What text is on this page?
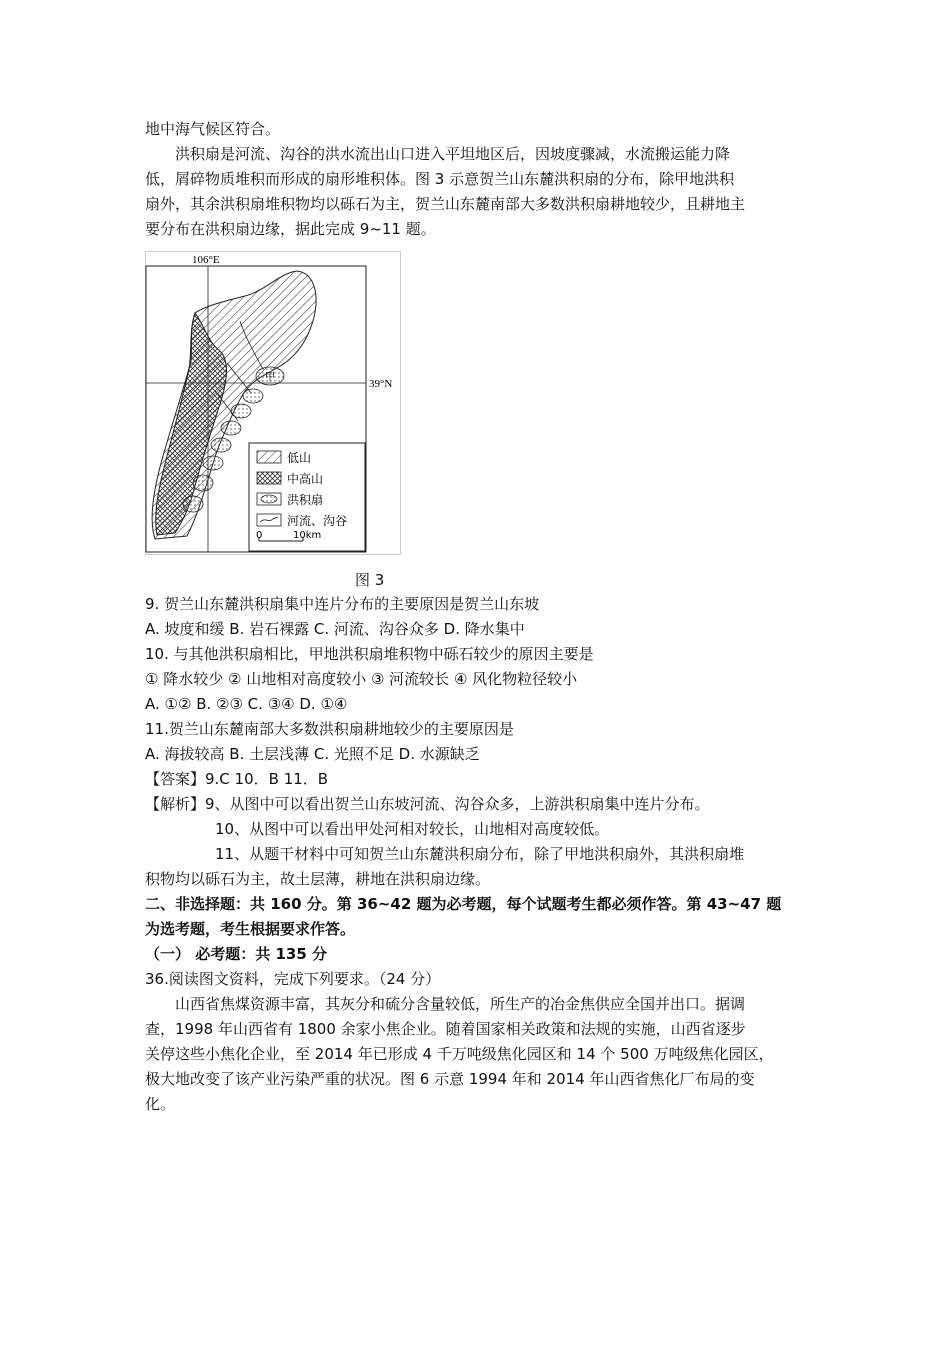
地中海气候区符合。
洪积扇是河流、沟谷的洪水流出山口进入平坦地区后，因坡度骤减，水流搬运能力降
低，屑碎物质堆积而形成的扇形堆积体。图 3 示意贺兰山东麓洪积扇的分布，除甲地洪积
扇外，其余洪积扇堆积物均以砾石为主，贺兰山东麓南部大多数洪积扇耕地较少，且耕地主
要分布在洪积扇边缘，据此完成 9~11 题。
106°E
39°N
甲
低山
中高山
洪积扇
河流、沟谷
0	10km
图 3
9. 贺兰山东麓洪积扇集中连片分布的主要原因是贺兰山东坡
A. 坡度和缓 B. 岩石裸露 C. 河流、沟谷众多 D. 降水集中
10. 与其他洪积扇相比，甲地洪积扇堆积物中砾石较少的原因主要是
① 降水较少 ② 山地相对高度较小 ③ 河流较长 ④ 风化物粒径较小
A. ①② B. ②③ C. ③④ D. ①④
11.贺兰山东麓南部大多数洪积扇耕地较少的主要原因是
A. 海拔较高 B. 土层浅薄 C. 光照不足 D. 水源缺乏
【答案】9.C 10．B 11．B
【解析】9、从图中可以看出贺兰山东坡河流、沟谷众多，上游洪积扇集中连片分布。
10、从图中可以看出甲处河相对较长，山地相对高度较低。
11、从题干材料中可知贺兰山东麓洪积扇分布，除了甲地洪积扇外，其洪积扇堆
积物均以砾石为主，故土层薄，耕地在洪积扇边缘。
二、非选择题：共 160 分。第 36~42 题为必考题，每个试题考生都必须作答。第 43~47 题
为选考题，考生根据要求作答。
（一） 必考题：共 135 分
36.阅读图文资料，完成下列要求。（24 分）
山西省焦煤资源丰富，其灰分和硫分含量较低，所生产的冶金焦供应全国并出口。据调
查，1998 年山西省有 1800 余家小焦企业。随着国家相关政策和法规的实施，山西省逐步
关停这些小焦化企业，至 2014 年已形成 4 千万吨级焦化园区和 14 个 500 万吨级焦化园区，
极大地改变了该产业污染严重的状况。图 6 示意 1994 年和 2014 年山西省焦化厂布局的变
化。
